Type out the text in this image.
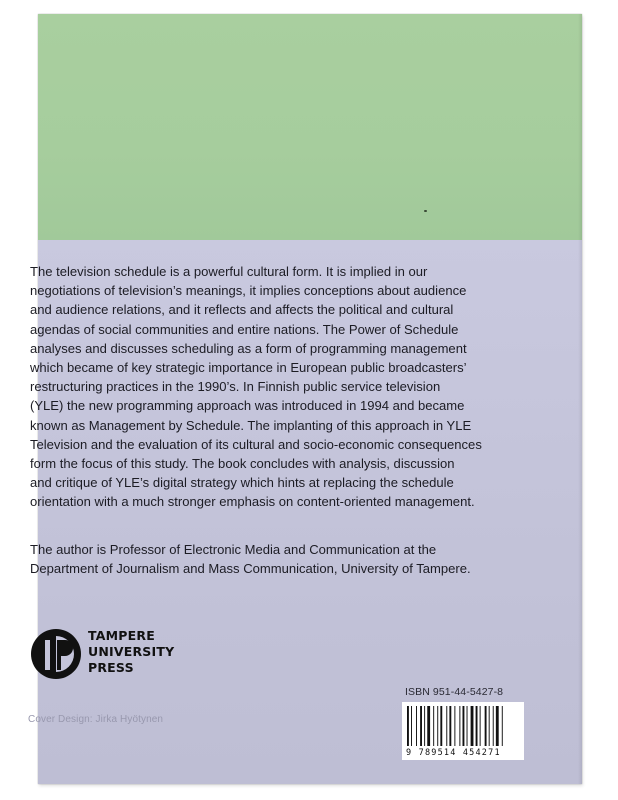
The television schedule is a powerful cultural form. It is implied in our
negotiations of television’s meanings, it implies conceptions about audience
and audience relations, and it reflects and affects the political and cultural
agendas of social communities and entire nations. The Power of Schedule
analyses and discusses scheduling as a form of programming management
which became of key strategic importance in European public broadcasters’
restructuring practices in the 1990’s. In Finnish public service television
(YLE) the new programming approach was introduced in 1994 and became
known as Management by Schedule. The implanting of this approach in YLE
Television and the evaluation of its cultural and socio-economic consequences
form the focus of this study. The book concludes with analysis, discussion
and critique of YLE’s digital strategy which hints at replacing the schedule
orientation with a much stronger emphasis on content-oriented management.

The author is Professor of Electronic Media and Communication at the
Department of Journalism and Mass Communication, University of Tampere.

TAMPERE
UNIVERSITY
PRESS
Cover Design: Jirka Hyötynen
ISBN 951-44-5427-8
9 789514 454271
